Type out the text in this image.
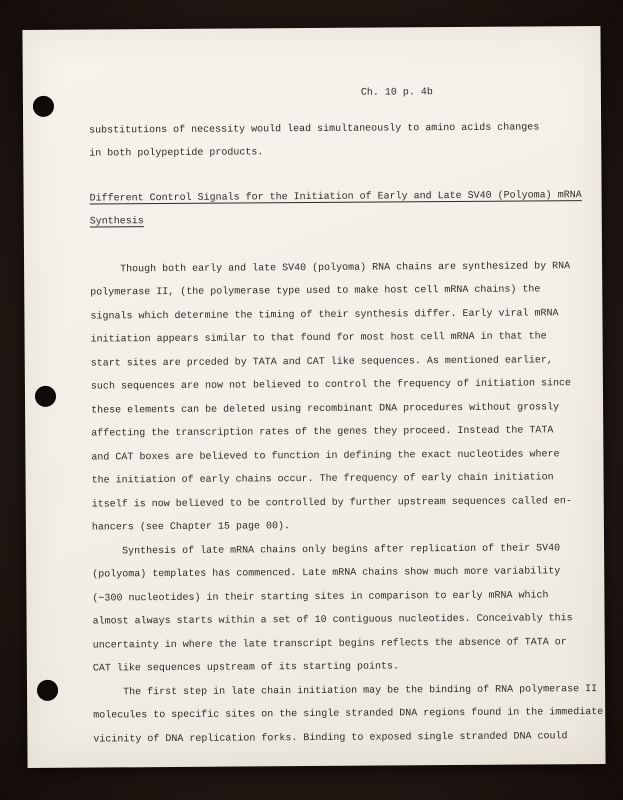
Ch. 10 p. 4b
substitutions of necessity would lead simultaneously to amino acids changes
in both polypeptide products.
Different Control Signals for the Initiation of Early and Late SV40 (Polyoma) mRNA
Synthesis
Though both early and late SV40 (polyoma) RNA chains are synthesized by RNA
polymerase II, (the polymerase type used to make host cell mRNA chains) the
signals which determine the timing of their synthesis differ. Early viral mRNA
initiation appears similar to that found for most host cell mRNA in that the
start sites are prceded by TATA and CAT like sequences. As mentioned earlier,
such sequences are now not believed to control the frequency of initiation since
these elements can be deleted using recombinant DNA procedures without grossly
affecting the transcription rates of the genes they proceed. Instead the TATA
and CAT boxes are believed to function in defining the exact nucleotides where
the initiation of early chains occur. The frequency of early chain initiation
itself is now believed to be controlled by further upstream sequences called en-
hancers (see Chapter 15 page 00).
Synthesis of late mRNA chains only begins after replication of their SV40
(polyoma) templates has commenced. Late mRNA chains show much more variability
(∼300 nucleotides) in their starting sites in comparison to early mRNA which
almost always starts within a set of 10 contiguous nucleotides. Conceivably this
uncertainty in where the late transcript begins reflects the absence of TATA or
CAT like sequences upstream of its starting points.
The first step in late chain initiation may be the binding of RNA polymerase II
molecules to specific sites on the single stranded DNA regions found in the immediate
vicinity of DNA replication forks. Binding to exposed single stranded DNA could
